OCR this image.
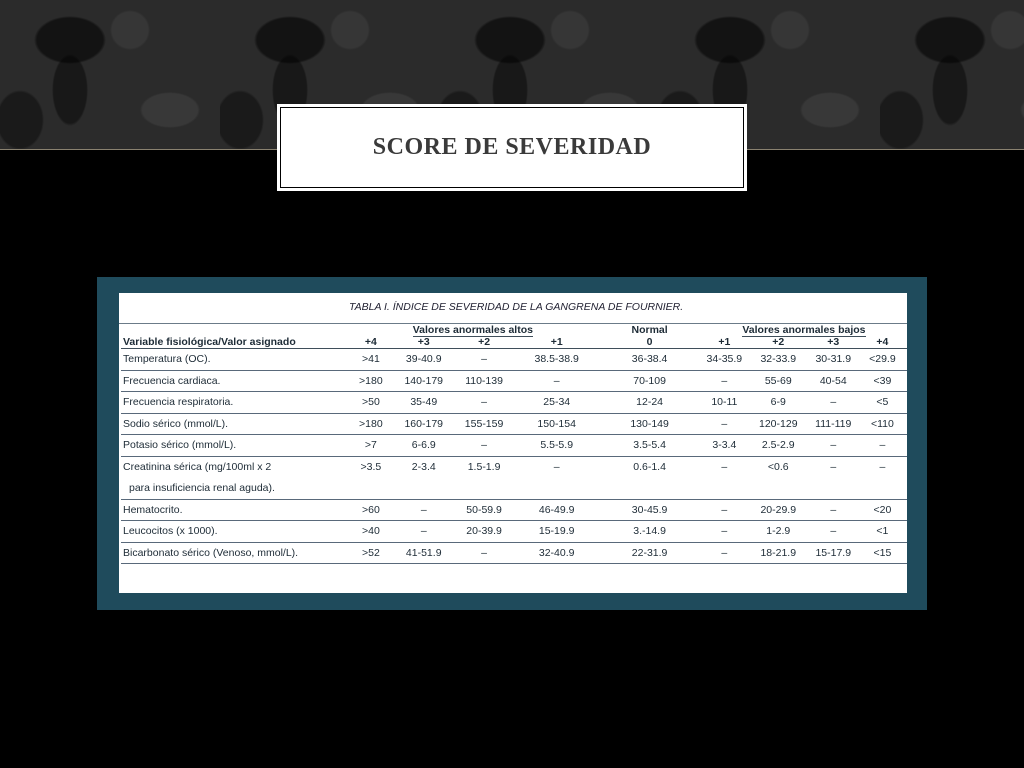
SCORE DE SEVERIDAD
TABLA I. ÍNDICE DE SEVERIDAD DE LA GANGRENA DE FOURNIER.
	Valores anormales altos				Normal	Valores anormales bajos			
Variable fisiológica/Valor asignado	+4	+3	+2	+1	0	+1	+2	+3	+4
Temperatura (OC).	>41	39-40.9	–	38.5-38.9	36-38.4	34-35.9	32-33.9	30-31.9	<29.9
Frecuencia cardiaca.	>180	140-179	110-139	–	70-109	–	55-69	40-54	<39
Frecuencia respiratoria.	>50	35-49	–	25-34	12-24	10-11	6-9	–	<5
Sodio sérico (mmol/L).	>180	160-179	155-159	150-154	130-149	–	120-129	111-119	<110
Potasio sérico (mmol/L).	>7	6-6.9	–	5.5-5.9	3.5-5.4	3-3.4	2.5-2.9	–	–
Creatinina sérica (mg/100ml x 2
para insuficiencia renal aguda).	>3.5	2-3.4	1.5-1.9	–	0.6-1.4	–	<0.6	–	–
Hematocrito.	>60	–	50-59.9	46-49.9	30-45.9	–	20-29.9	–	<20
Leucocitos (x 1000).	>40	–	20-39.9	15-19.9	3.-14.9	–	1-2.9	–	<1
Bicarbonato sérico (Venoso, mmol/L).	>52	41-51.9	–	32-40.9	22-31.9	–	18-21.9	15-17.9	<15
